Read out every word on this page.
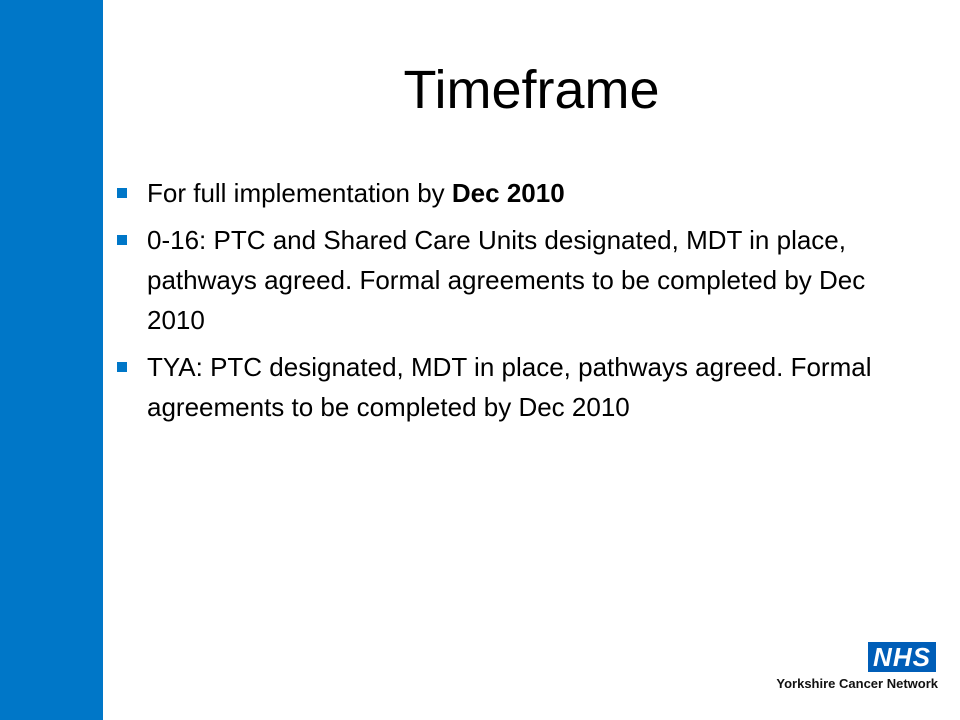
Timeframe
For full implementation by Dec 2010
0-16: PTC and Shared Care Units designated, MDT in place, pathways agreed. Formal agreements to be completed by Dec 2010
TYA: PTC designated, MDT in place, pathways agreed. Formal agreements to be completed by Dec 2010
NHS
Yorkshire Cancer Network
